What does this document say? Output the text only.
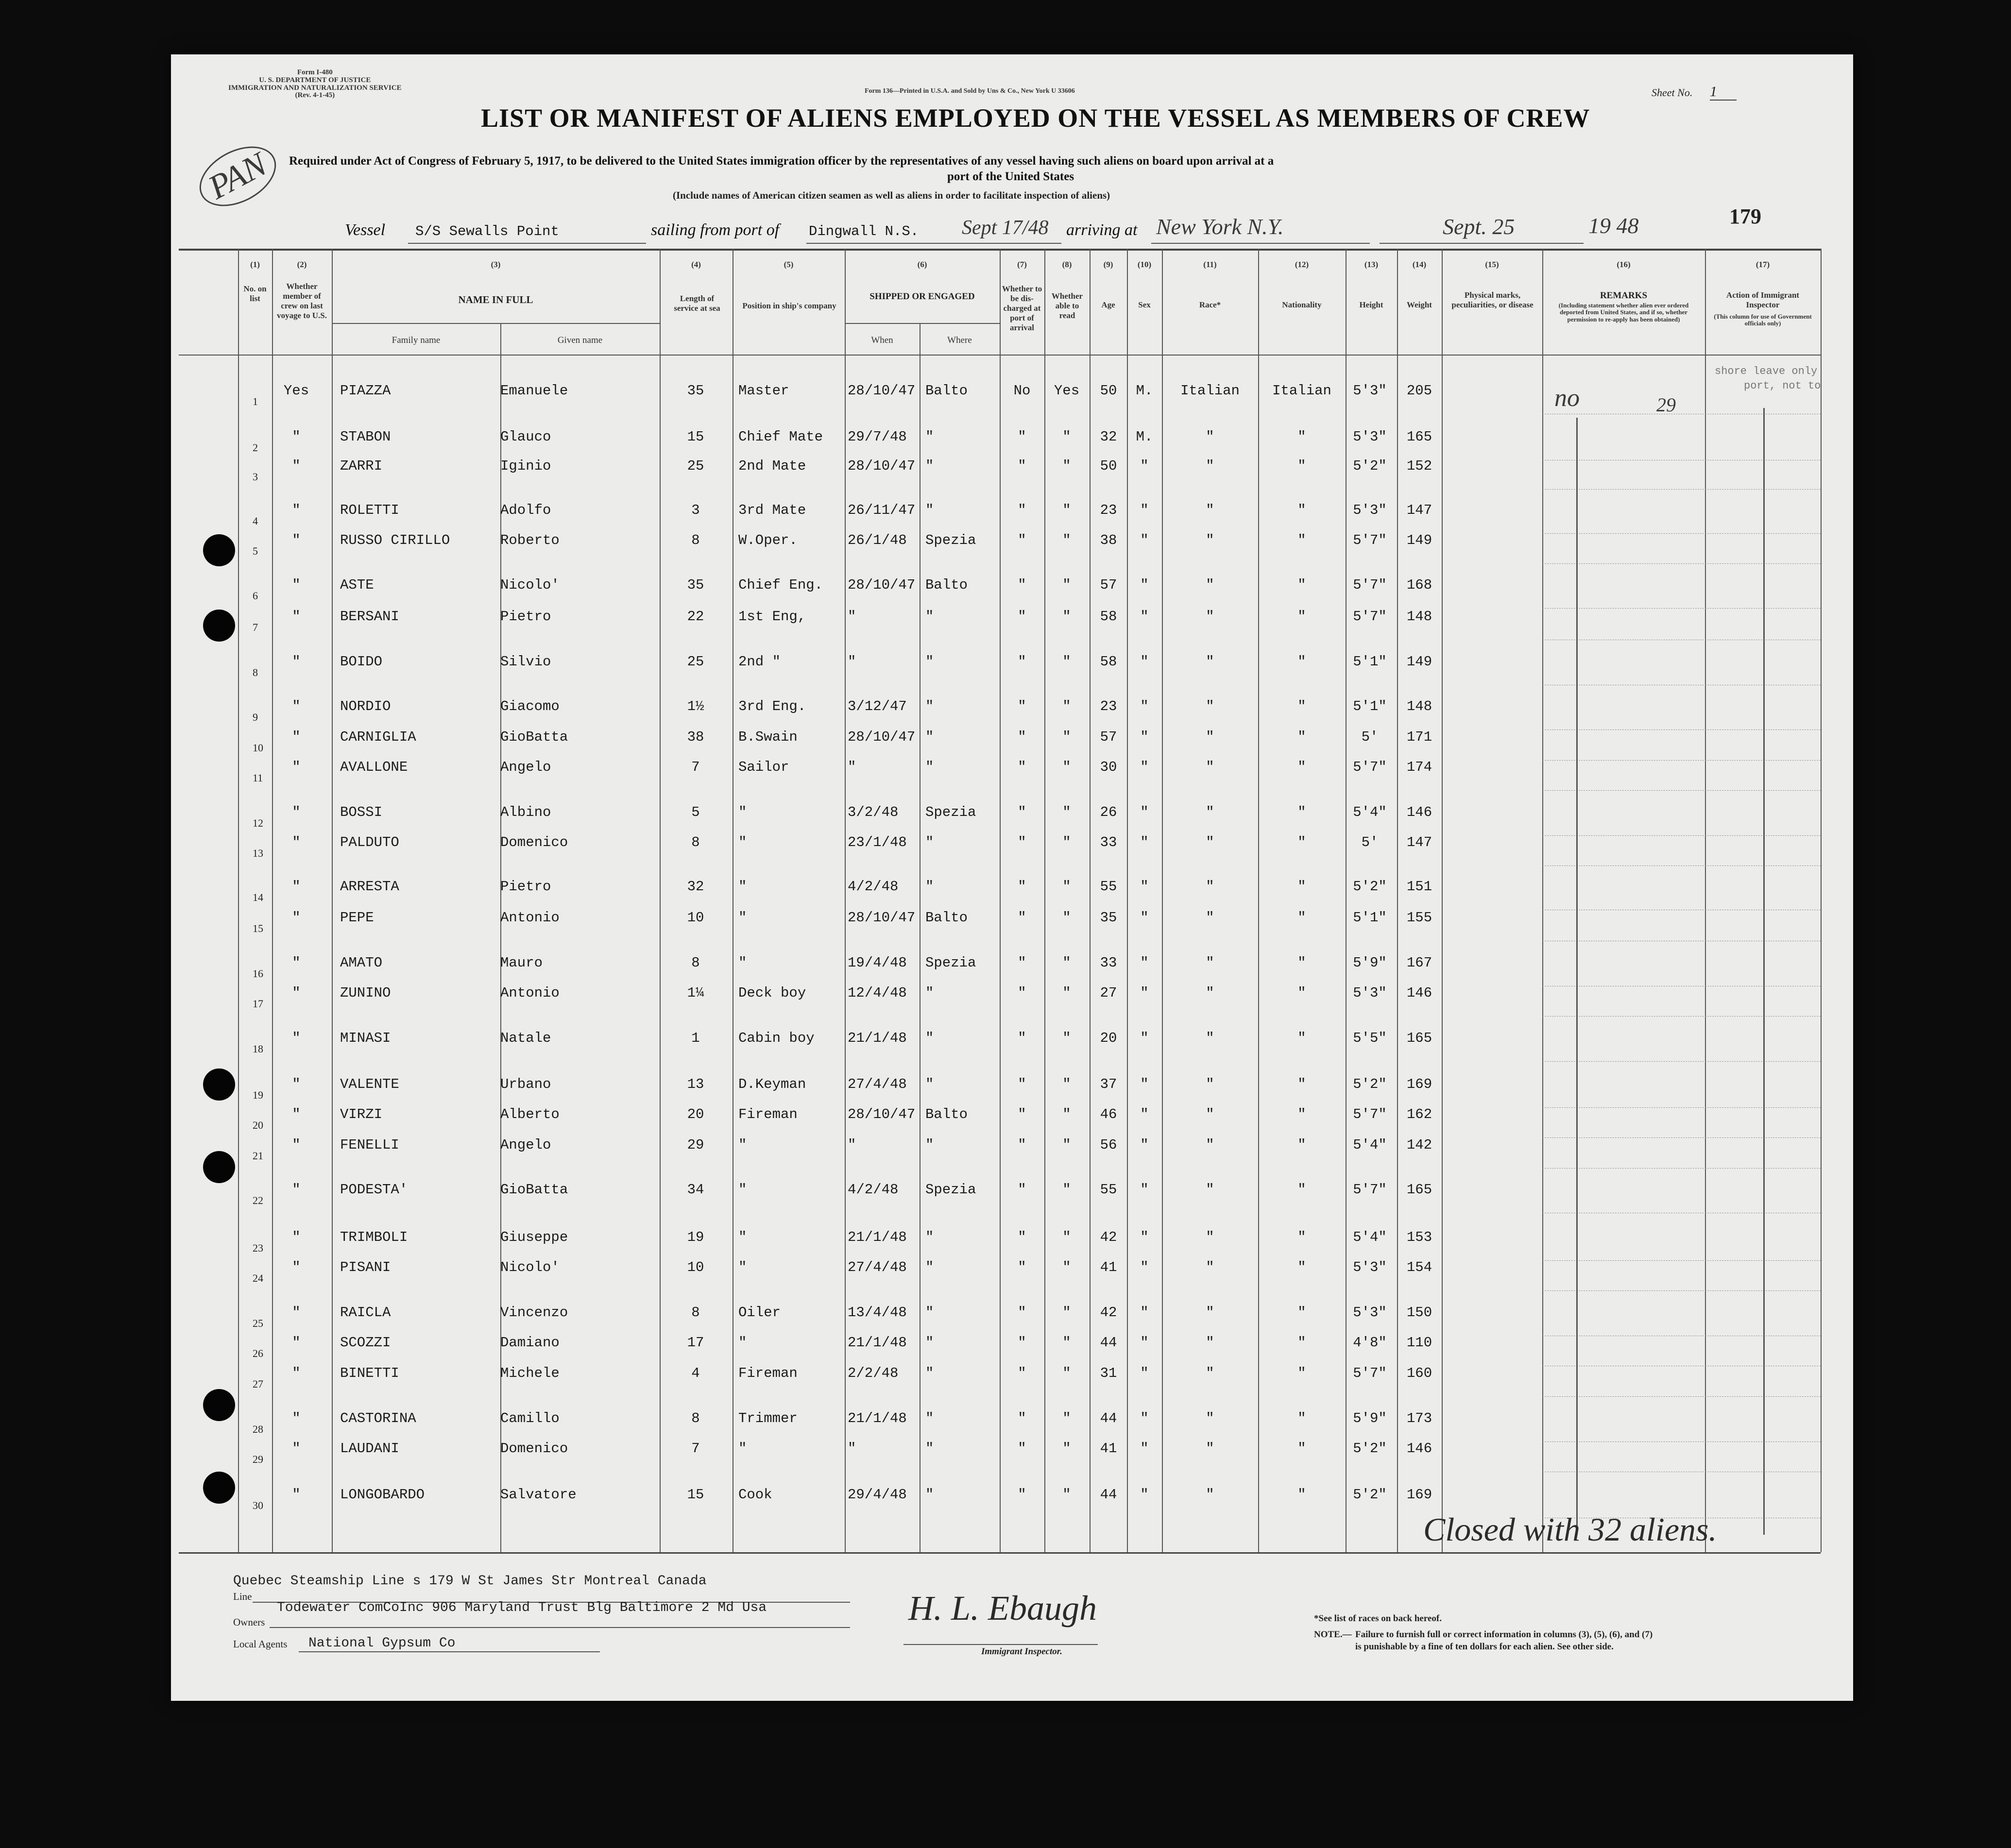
Form I-480
U. S. DEPARTMENT OF JUSTICE
IMMIGRATION AND NATURALIZATION SERVICE
(Rev. 4-1-45)
Form 136—Printed in U.S.A. and Sold by Uns & Co., New York U 33606	Sheet No. 1
179
PAN
LIST OR MANIFEST OF ALIENS EMPLOYED ON THE VESSEL AS MEMBERS OF CREW
Required under Act of Congress of February 5, 1917, to be delivered to the United States immigration officer by the representatives of any vessel having such aliens on board upon arrival at a
port of the United States
(Include names of American citizen seamen as well as aliens in order to facilitate inspection of aliens)
Vessel S/S Sewalls Point	sailing from port of Dingwall N.S. Sept 17/48 arriving at New York N.Y.	Sept. 25	19 48
(1)	(2)	(3)	(4)	(5)	(6)	(7)	(8)	(9)	(10)	(11)	(12)	(13)	(14)	(15)	(16)	(17)
No. on list
Whether member of crew on last voyage to U.S.
NAME IN FULL
Family name	Given name
Length of service at sea	Position in ship's company
SHIPPED OR ENGAGED
When	Where
Whether to be dis-charged at port of arrival
Whether able to read
Age	Sex	Race*	Nationality	Height	Weight
Physical marks, peculiarities, or disease
REMARKS
(Including statement whether alien ever ordered deported from United States, and if so, whether permission to re-apply has been obtained)
Action of Immigrant Inspector
(This column for use of Government officials only)
1
Yes	PIAZZA	Emanuele	35	Master	28/10/47 Balto	No	Yes	50	M.	Italian	Italian	5'3"	205
2
"	STABON	Glauco	15	Chief Mate 29/7/48 "	"	"	32	M.	"	"	5'3"	165
3
"	ZARRI	Iginio	25	2nd Mate	28/10/47 "	"	"	50	"	"	"	5'2"	152
4
"	ROLETTI	Adolfo	3	3rd Mate	26/11/47 "	"	"	23	"	"	"	5'3"	147
5
"	RUSSO CIRILLO	Roberto	8	W.Oper.	26/1/48 Spezia	"	"	38	"	"	"	5'7"	149
6
"	ASTE	Nicolo'	35	Chief Eng. 28/10/47 Balto	"	"	57	"	"	"	5'7"	168
7
"	BERSANI	Pietro	22	1st Eng,	"	"	"	"	58	"	"	"	5'7"	148
8
"	BOIDO	Silvio	25	2nd "	"	"	"	"	58	"	"	"	5'1"	149
9
"	NORDIO	Giacomo	1½	3rd Eng.	3/12/47 "	"	"	23	"	"	"	5'1"	148
10
"	CARNIGLIA	GioBatta	38	B.Swain	28/10/47 "	"	"	57	"	"	"	5'	171
11
"	AVALLONE	Angelo	7	Sailor	"	"	"	"	30	"	"	"	5'7"	174
12
"	BOSSI	Albino	5	"	3/2/48 Spezia	"	"	26	"	"	"	5'4"	146
13
"	PALDUTO	Domenico	8	"	23/1/48 "	"	"	33	"	"	"	5'	147
14
"	ARRESTA	Pietro	32	"	4/2/48 "	"	"	55	"	"	"	5'2"	151
15
"	PEPE	Antonio	10	"	28/10/47 Balto	"	"	35	"	"	"	5'1"	155
16
"	AMATO	Mauro	8	"	19/4/48 Spezia	"	"	33	"	"	"	5'9"	167
17
"	ZUNINO	Antonio	1¼	Deck boy	12/4/48 "	"	"	27	"	"	"	5'3"	146
18
"	MINASI	Natale	1	Cabin boy 21/1/48 "	"	"	20	"	"	"	5'5"	165
19
"	VALENTE	Urbano	13	D.Keyman	27/4/48 "	"	"	37	"	"	"	5'2"	169
20
"	VIRZI	Alberto	20	Fireman	28/10/47 Balto	"	"	46	"	"	"	5'7"	162
21
"	FENELLI	Angelo	29	"	"	"	"	"	56	"	"	"	5'4"	142
22
"	PODESTA'	GioBatta	34	"	4/2/48 Spezia	"	"	55	"	"	"	5'7"	165
23
"	TRIMBOLI	Giuseppe	19	"	21/1/48 "	"	"	42	"	"	"	5'4"	153
24
"	PISANI	Nicolo'	10	"	27/4/48 "	"	"	41	"	"	"	5'3"	154
25
"	RAICLA	Vincenzo	8	Oiler	13/4/48 "	"	"	42	"	"	"	5'3"	150
26
"	SCOZZI	Damiano	17	"	21/1/48 "	"	"	44	"	"	"	4'8"	110
27
"	BINETTI	Michele	4	Fireman	2/2/48 "	"	"	31	"	"	"	5'7"	160
28
"	CASTORINA	Camillo	8	Trimmer	21/1/48 "	"	"	44	"	"	"	5'9"	173
29
"	LAUDANI	Domenico	7	"	"	"	"	"	41	"	"	"	5'2"	146
30
"	LONGOBARDO	Salvatore	15	Cook	29/4/48 "	"	"	44	"	"	"	5'2"	169
no	29
shore leave only
port, not to
Closed with 32 aliens.
Quebec Steamship Line s 179 W St James Str Montreal Canada
Line
Todewater ComCoInc 906 Maryland Trust Blg Baltimore 2 Md Usa
Owners
Local Agents National Gypsum Co
H. L. Ebaugh
Immigrant Inspector.
*See list of races on back hereof.
NOTE.— Failure to furnish full or correct information in columns (3), (5), (6), and (7)
is punishable by a fine of ten dollars for each alien. See other side.
